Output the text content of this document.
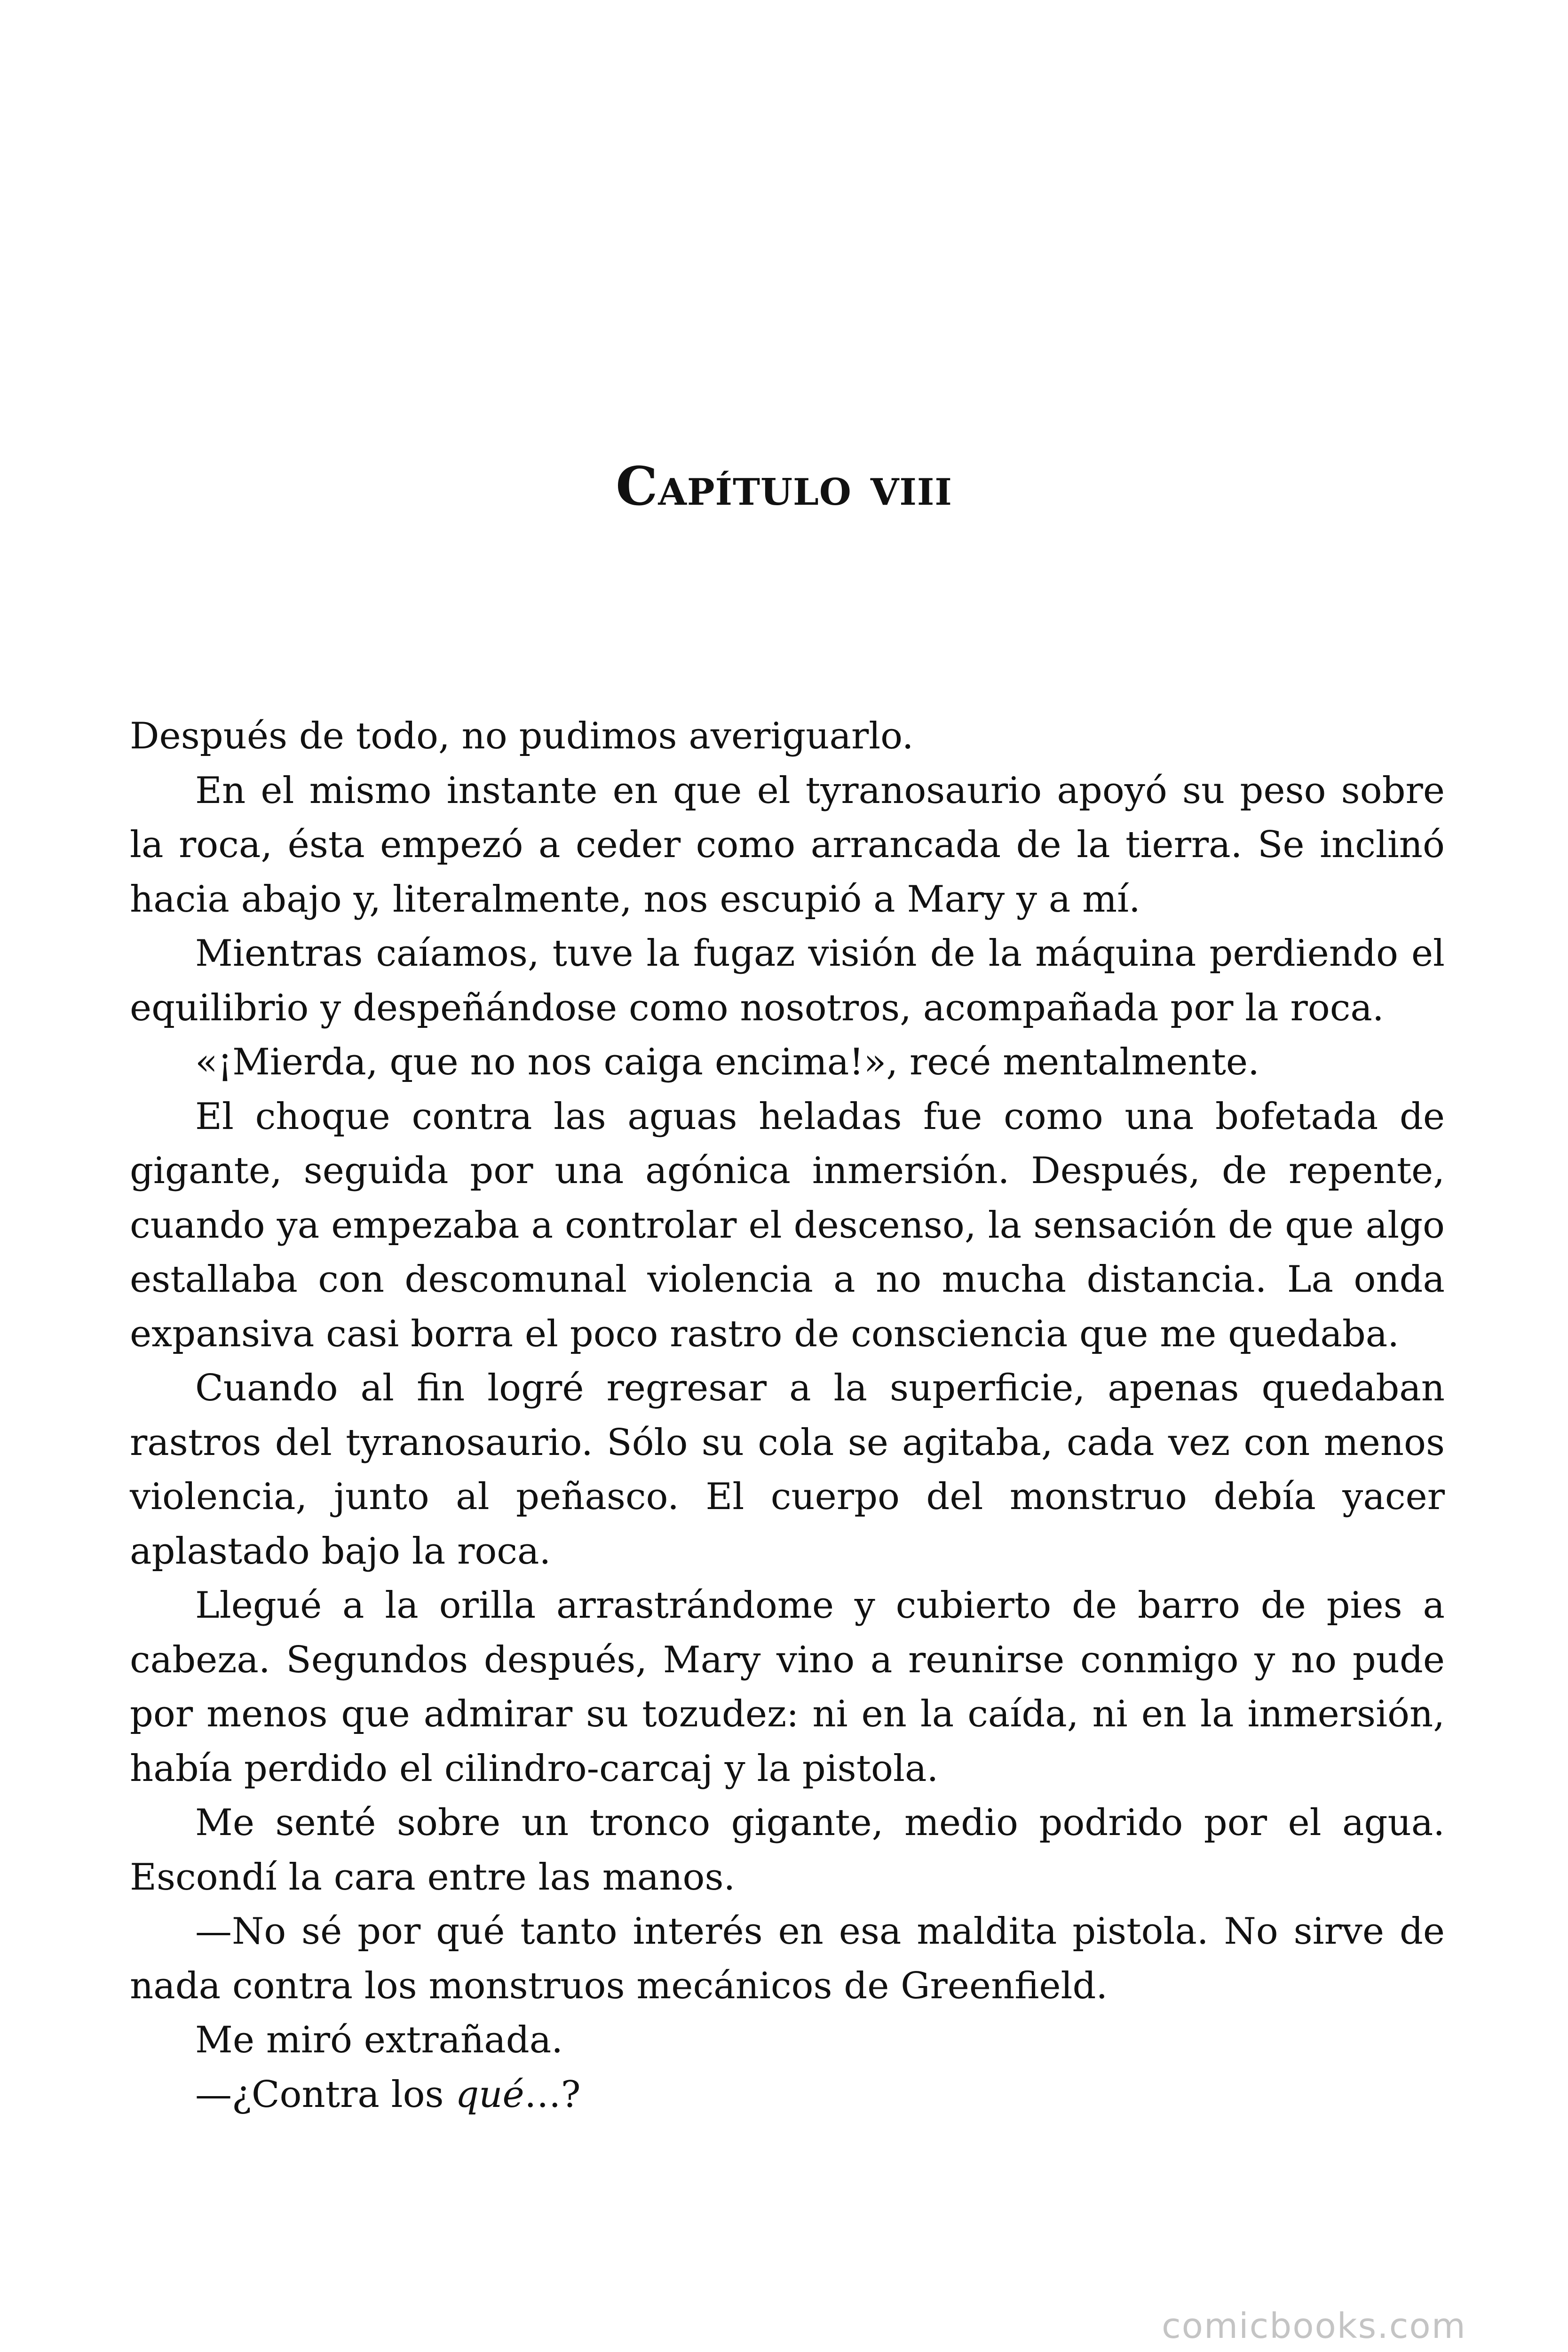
Capítulo viii

Después de todo, no pudimos averiguarlo.

En el mismo instante en que el tyranosaurio apoyó su peso sobre la roca, ésta empezó a ceder como arrancada de la tierra. Se inclinó hacia abajo y, literalmente, nos escupió a Mary y a mí.

Mientras caíamos, tuve la fugaz visión de la máquina perdiendo el equilibrio y despeñándose como nosotros, acompañada por la roca.

«¡Mierda, que no nos caiga encima!», recé mentalmente.

El choque contra las aguas heladas fue como una bofetada de gigante, seguida por una agónica inmersión. Después, de repente, cuando ya empezaba a controlar el descenso, la sensación de que algo estallaba con descomunal violencia a no mucha distancia. La onda expansiva casi borra el poco rastro de consciencia que me quedaba.

Cuando al fin logré regresar a la superficie, apenas quedaban rastros del tyranosaurio. Sólo su cola se agitaba, cada vez con menos violencia, junto al peñasco. El cuerpo del monstruo debía yacer aplastado bajo la roca.

Llegué a la orilla arrastrándome y cubierto de barro de pies a cabeza. Segundos después, Mary vino a reunirse conmigo y no pude por menos que admirar su tozudez: ni en la caída, ni en la inmersión, había perdido el cilindro-carcaj y la pistola.

Me senté sobre un tronco gigante, medio podrido por el agua. Escondí la cara entre las manos.

—No sé por qué tanto interés en esa maldita pistola. No sirve de nada contra los monstruos mecánicos de Greenfield.

Me miró extrañada.

—¿Contra los qué…?

comicbooks.com
